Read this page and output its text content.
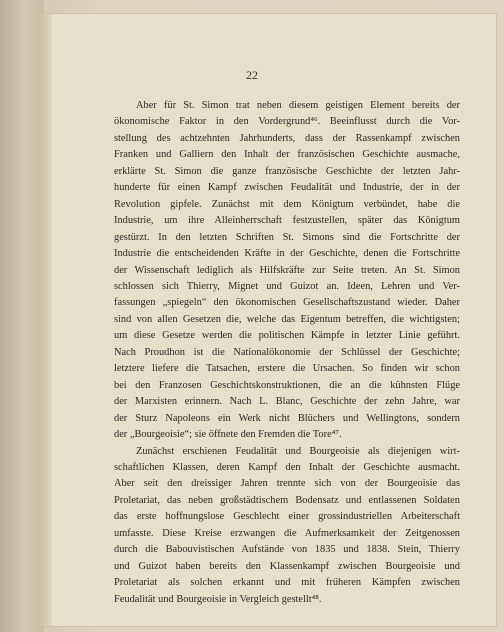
22
Aber für St. Simon trat neben diesem geistigen Element bereits der
ökonomische Faktor in den Vordergrund⁴⁶. Beeinflusst durch die Vor-
stellung des achtzehnten Jahrhunderts, dass der Rassenkampf zwischen
Franken und Galliern den Inhalt der französischen Geschichte ausmache,
erklärte St. Simon die ganze französische Geschichte der letzten Jahr-
hunderte für einen Kampf zwischen Feudalität und Industrie, der in der
Revolution gipfele. Zunächst mit dem Königtum verbündet, habe die
Industrie, um ihre Alleinherrschaft festzustellen, später das Königtum
gestürzt. In den letzten Schriften St. Simons sind die Fortschritte der
Industrie die entscheidenden Kräfte in der Geschichte, denen die Fortschritte
der Wissenschaft lediglich als Hilfskräfte zur Seite treten. An St. Simon
schlossen sich Thierry, Mignet und Guizot an. Ideen, Lehren und Ver-
fassungen „spiegeln“ den ökonomischen Gesellschaftszustand wieder. Daher
sind von allen Gesetzen die, welche das Eigentum betreffen, die wichtigsten;
um diese Gesetze werden die politischen Kämpfe in letzter Linie geführt.
Nach Proudhon ist die Nationalökonomie der Schlüssel der Geschichte;
letztere liefere die Tatsachen, erstere die Ursachen. So finden wir schon
bei den Franzosen Geschichtskonstruktionen, die an die kühnsten Flüge
der Marxisten erinnern. Nach L. Blanc, Geschichte der zehn Jahre, war
der Sturz Napoleons ein Werk nicht Blüchers und Wellingtons, sondern
der „Bourgeoisie“; sie öffnete den Fremden die Tore⁴⁷.
Zunächst erschienen Feudalität und Bourgeoisie als diejenigen wirt-
schaftlichen Klassen, deren Kampf den Inhalt der Geschichte ausmacht.
Aber seit den dreissiger Jahren trennte sich von der Bourgeoisie das
Proletariat, das neben großstädtischem Bodensatz und entlassenen Soldaten
das erste hoffnungslose Geschlecht einer grossindustriellen Arbeiterschaft
umfasste. Diese Kreise erzwangen die Aufmerksamkeit der Zeitgenossen
durch die Babouvistischen Aufstände von 1835 und 1838. Stein, Thierry
und Guizot haben bereits den Klassenkampf zwischen Bourgeoisie und
Proletariat als solchen erkannt und mit früheren Kämpfen zwischen
Feudalität und Bourgeoisie in Vergleich gestellt⁴⁸.
